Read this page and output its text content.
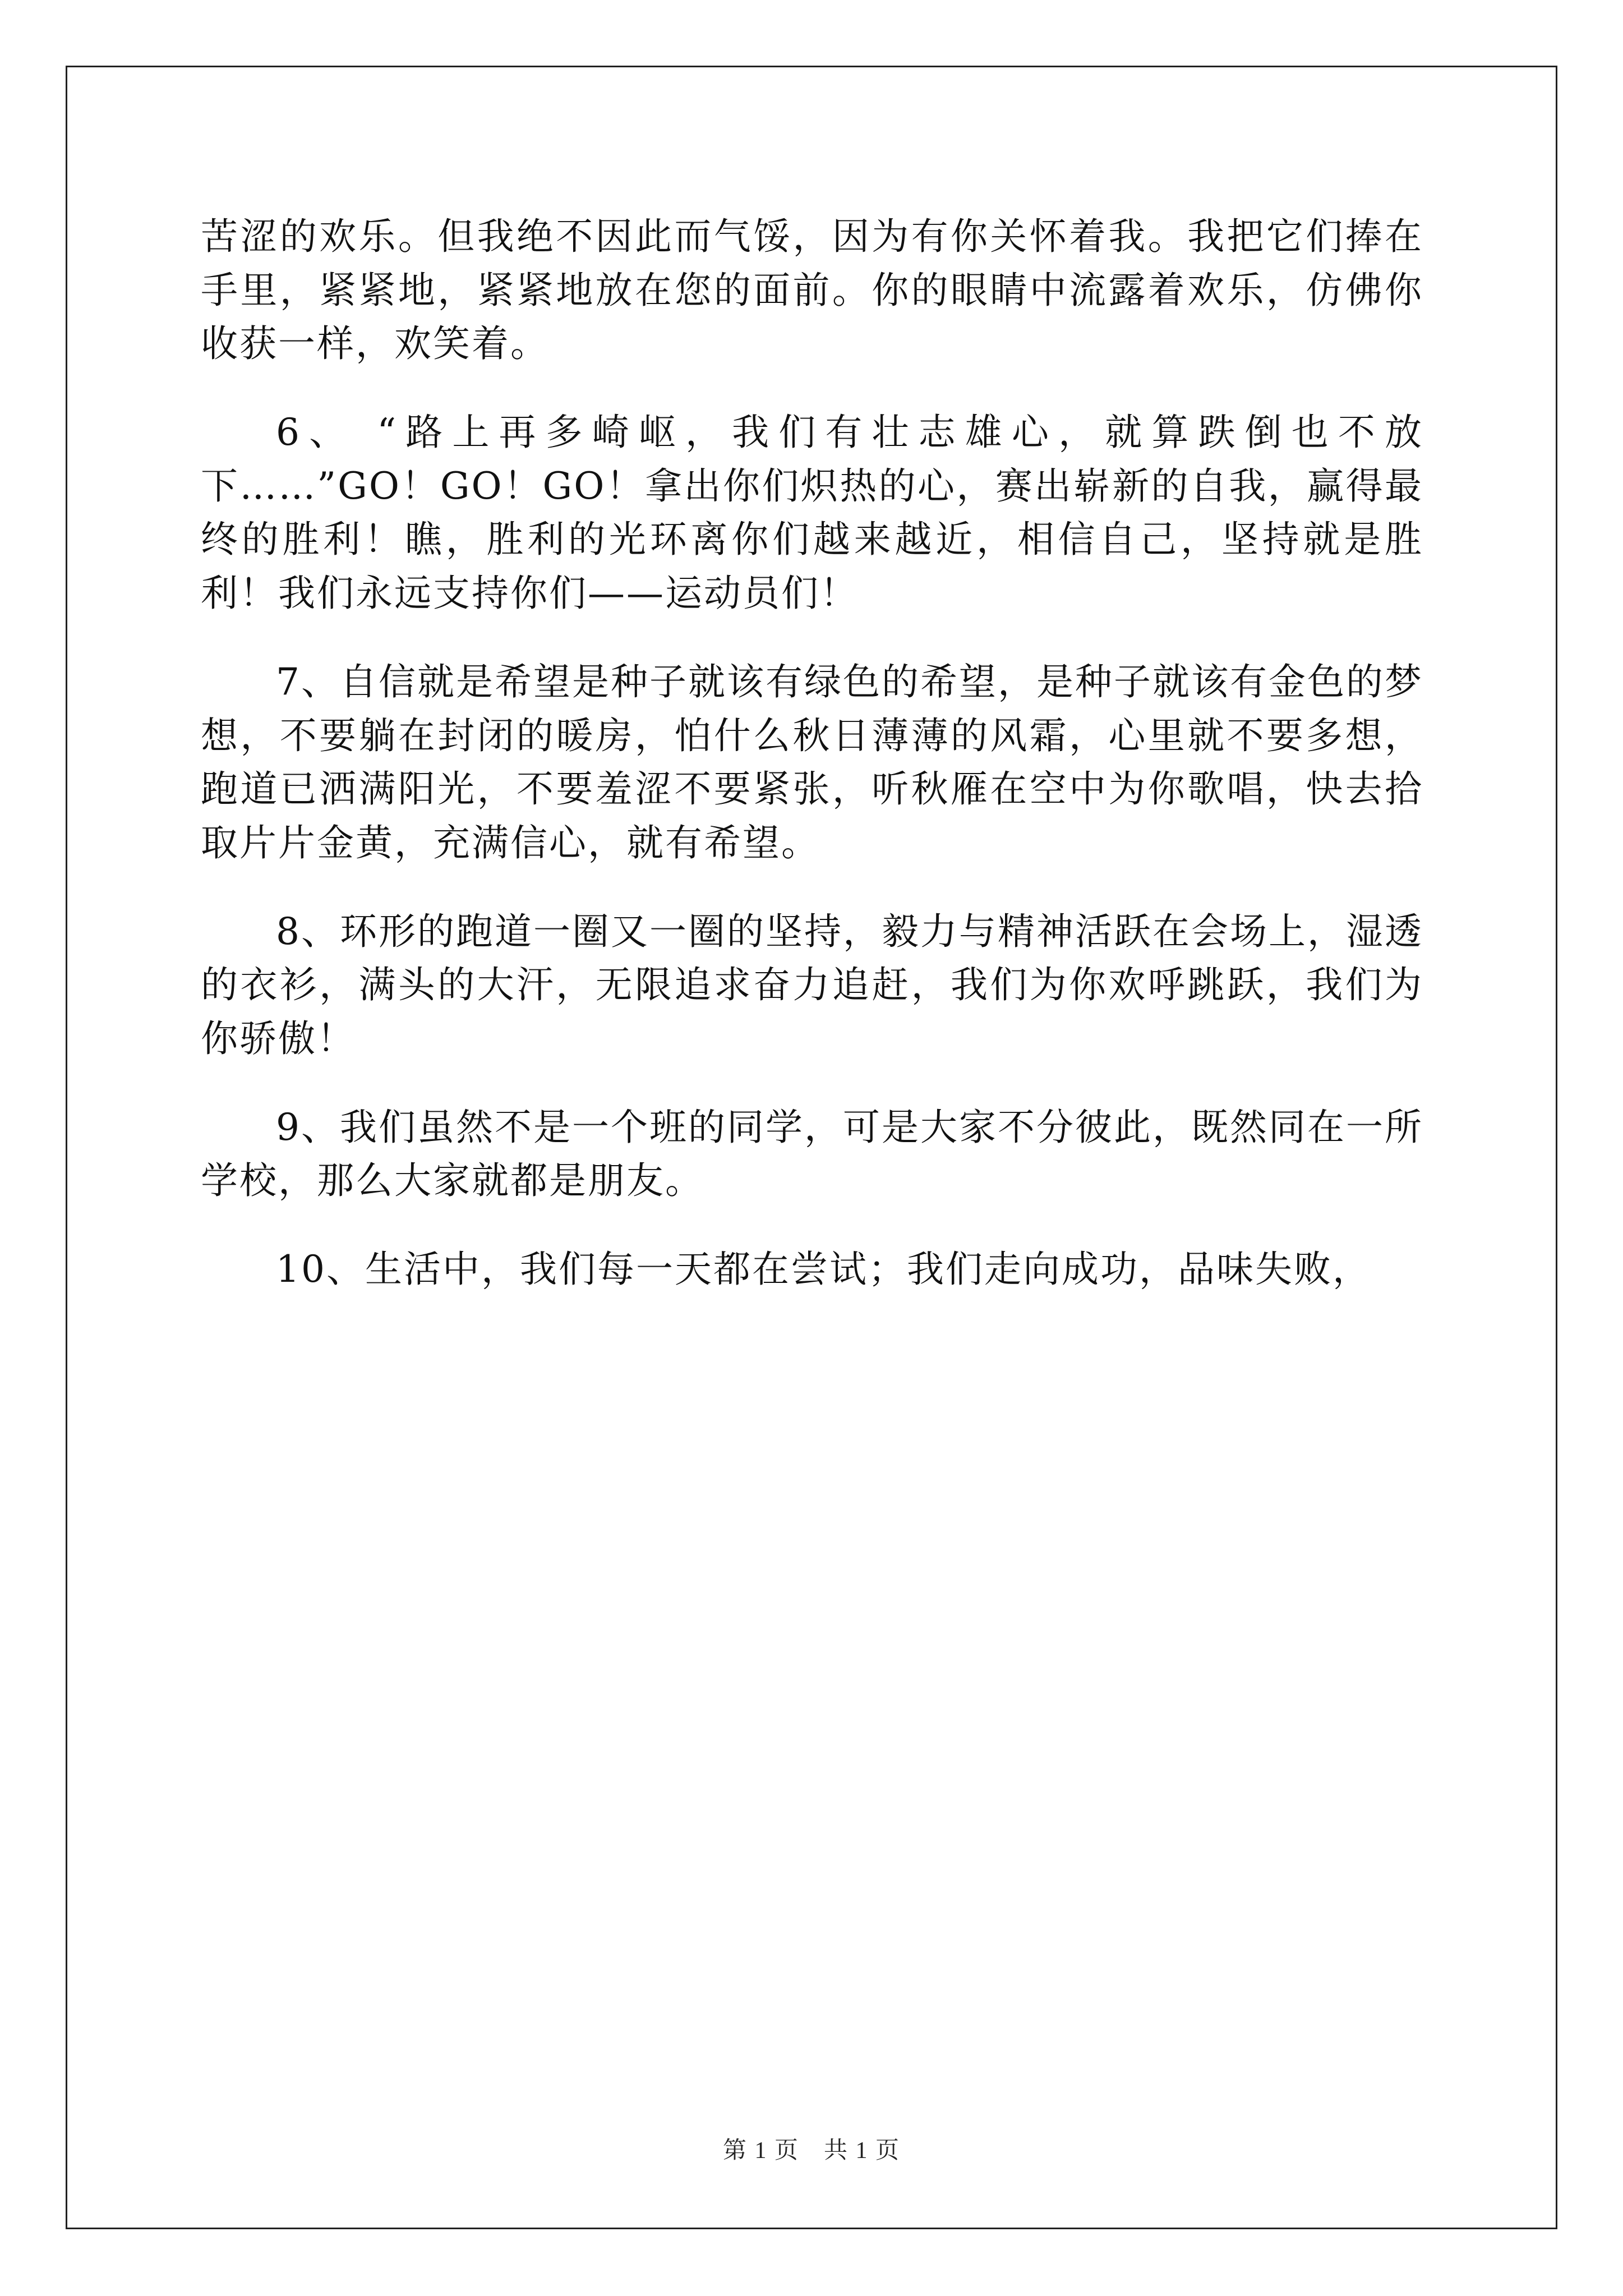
苦涩的欢乐。但我绝不因此而气馁，因为有你关怀着我。我把它们捧在手里，紧紧地，紧紧地放在您的面前。你的眼睛中流露着欢乐，仿佛你收获一样，欢笑着。

6、 “路上再多崎岖，我们有壮志雄心，就算跌倒也不放下……”GO！GO！GO！拿出你们炽热的心，赛出崭新的自我，赢得最终的胜利！瞧，胜利的光环离你们越来越近，相信自己，坚持就是胜利！我们永远支持你们——运动员们！

7、自信就是希望是种子就该有绿色的希望，是种子就该有金色的梦想，不要躺在封闭的暖房，怕什么秋日薄薄的风霜，心里就不要多想，跑道已洒满阳光，不要羞涩不要紧张，听秋雁在空中为你歌唱，快去拾取片片金黄，充满信心，就有希望。

8、环形的跑道一圈又一圈的坚持，毅力与精神活跃在会场上，湿透的衣衫，满头的大汗，无限追求奋力追赶，我们为你欢呼跳跃，我们为你骄傲！

9、我们虽然不是一个班的同学，可是大家不分彼此，既然同在一所学校，那么大家就都是朋友。

10、生活中，我们每一天都在尝试；我们走向成功，品味失败，

第 1 页　共 1 页
